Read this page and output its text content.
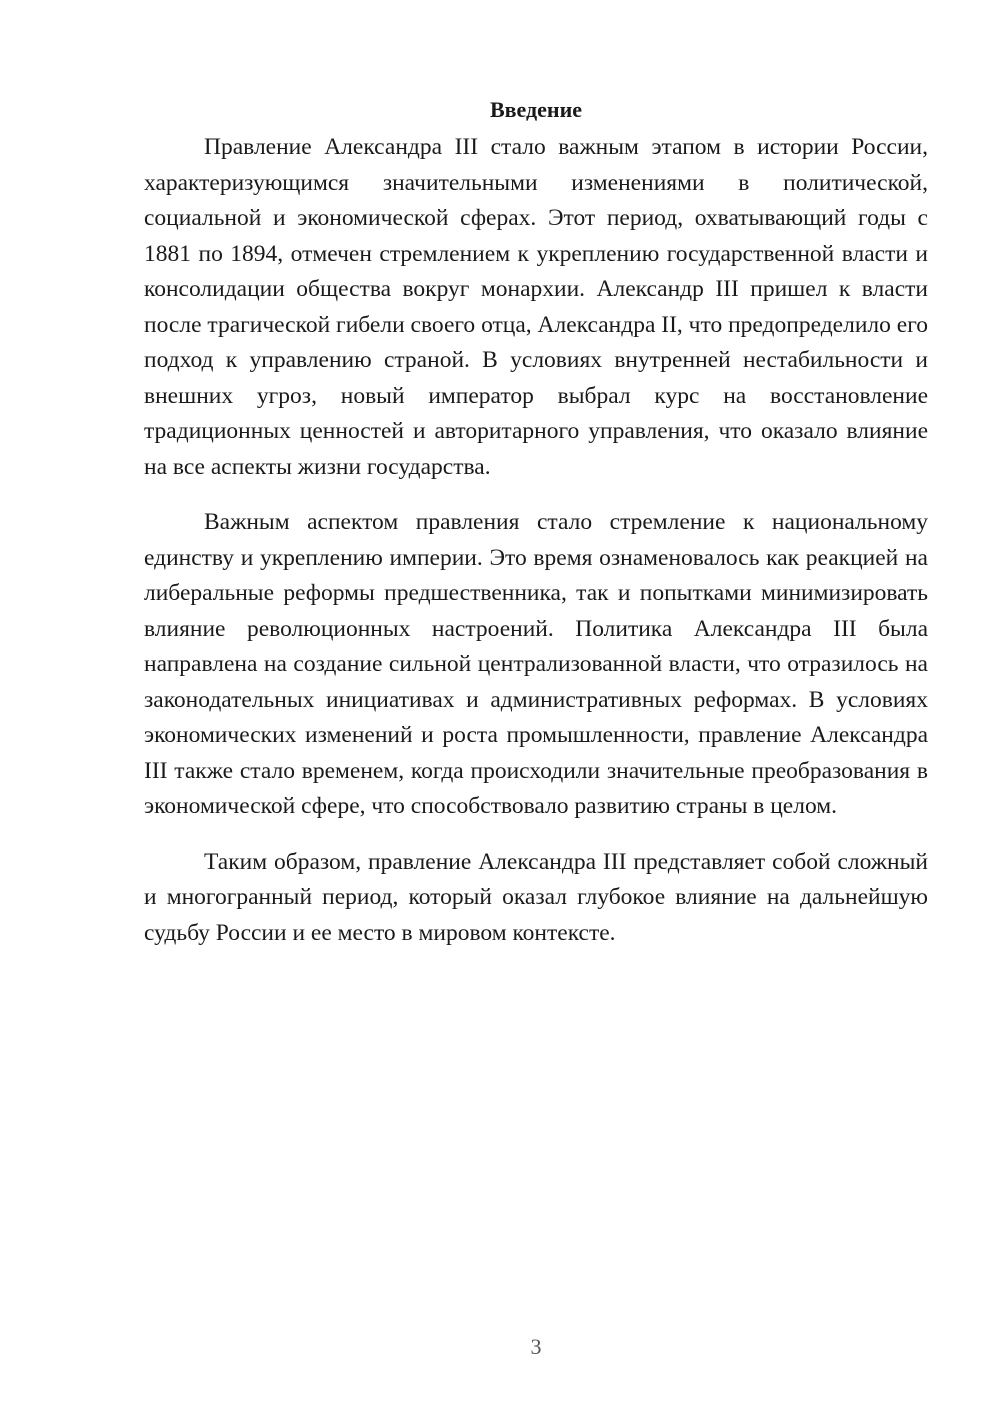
Введение

Правление Александра III стало важным этапом в истории России, характеризующимся значительными изменениями в политической, социальной и экономической сферах. Этот период, охватывающий годы с 1881 по 1894, отмечен стремлением к укреплению государственной власти и консолидации общества вокруг монархии. Александр III пришел к власти после трагической гибели своего отца, Александра II, что предопределило его подход к управлению страной. В условиях внутренней нестабильности и внешних угроз, новый император выбрал курс на восстановление традиционных ценностей и авторитарного управления, что оказало влияние на все аспекты жизни государства.

Важным аспектом правления стало стремление к национальному единству и укреплению империи. Это время ознаменовалось как реакцией на либеральные реформы предшественника, так и попытками минимизировать влияние революционных настроений. Политика Александра III была направлена на создание сильной централизованной власти, что отразилось на законодательных инициативах и административных реформах. В условиях экономических изменений и роста промышленности, правление Александра III также стало временем, когда происходили значительные преобразования в экономической сфере, что способствовало развитию страны в целом.

Таким образом, правление Александра III представляет собой сложный и многогранный период, который оказал глубокое влияние на дальнейшую судьбу России и ее место в мировом контексте.

3
